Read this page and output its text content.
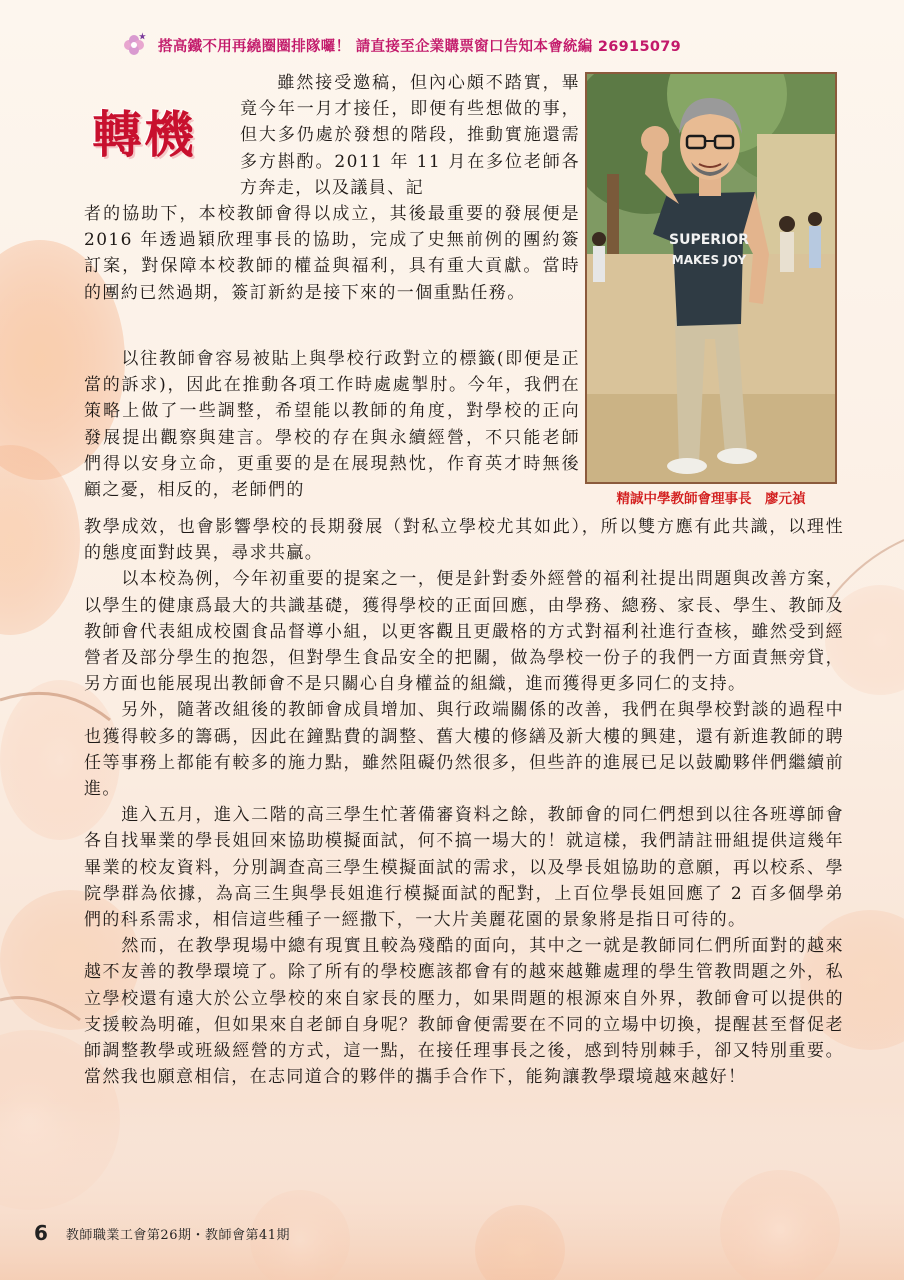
搭高鐵不用再繞圈圈排隊囉！ 請直接至企業購票窗口告知本會統編 26915079
轉機
SUPERIOR
MAKES JOY
精誠中學教師會理事長　廖元禎

雖然接受邀稿，但內心頗不踏實，畢竟今年一月才接任，即便有些想做的事，但大多仍處於發想的階段，推動實施還需多方斟酌。2011 年 11 月在多位老師各方奔走，以及議員、記

者的協助下，本校教師會得以成立，其後最重要的發展便是 2016 年透過穎欣理事長的協助，完成了史無前例的團約簽訂案，對保障本校教師的權益與福利，具有重大貢獻。當時的團約已然過期，簽訂新約是接下來的一個重點任務。

以往教師會容易被貼上與學校行政對立的標籤(即便是正當的訴求)，因此在推動各項工作時處處掣肘。今年，我們在策略上做了一些調整，希望能以教師的角度，對學校的正向發展提出觀察與建言。學校的存在與永續經營，不只能老師們得以安身立命，更重要的是在展現熱忱，作育英才時無後顧之憂，相反的，老師們的

教學成效，也會影響學校的長期發展（對私立學校尤其如此），所以雙方應有此共識，以理性的態度面對歧異，尋求共贏。

以本校為例，今年初重要的提案之一，便是針對委外經營的福利社提出問題與改善方案，以學生的健康爲最大的共識基礎，獲得學校的正面回應，由學務、總務、家長、學生、教師及教師會代表組成校園食品督導小組，以更客觀且更嚴格的方式對福利社進行查核，雖然受到經營者及部分學生的抱怨，但對學生食品安全的把關，做為學校一份子的我們一方面責無旁貸，另方面也能展現出教師會不是只關心自身權益的組織，進而獲得更多同仁的支持。

另外，隨著改組後的教師會成員增加、與行政端關係的改善，我們在與學校對談的過程中也獲得較多的籌碼，因此在鐘點費的調整、舊大樓的修繕及新大樓的興建，還有新進教師的聘任等事務上都能有較多的施力點，雖然阻礙仍然很多，但些許的進展已足以鼓勵夥伴們繼續前進。

進入五月，進入二階的高三學生忙著備審資料之餘，教師會的同仁們想到以往各班導師會各自找畢業的學長姐回來協助模擬面試，何不搞一場大的！就這樣，我們請註冊組提供這幾年畢業的校友資料，分別調查高三學生模擬面試的需求，以及學長姐協助的意願，再以校系、學院學群為依據，為高三生與學長姐進行模擬面試的配對，上百位學長姐回應了 2 百多個學弟們的科系需求，相信這些種子一經撒下，一大片美麗花園的景象將是指日可待的。

然而，在教學現場中總有現實且較為殘酷的面向，其中之一就是教師同仁們所面對的越來越不友善的教學環境了。除了所有的學校應該都會有的越來越難處理的學生管教問題之外，私立學校還有遠大於公立學校的來自家長的壓力，如果問題的根源來自外界，教師會可以提供的支援較為明確，但如果來自老師自身呢？教師會便需要在不同的立場中切換，提醒甚至督促老師調整教學或班級經營的方式，這一點，在接任理事長之後，感到特別棘手，卻又特別重要。當然我也願意相信，在志同道合的夥伴的攜手合作下，能夠讓教學環境越來越好！

6 教師職業工會第26期・教師會第41期
